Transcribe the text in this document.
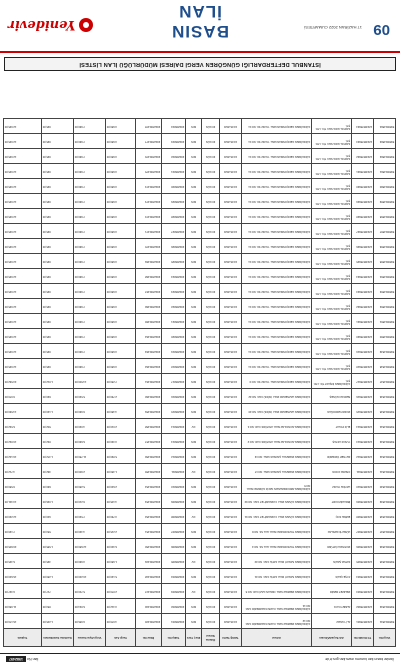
İlanlar basın ilan kurumu www.ilan.gov.tr'de
İlan No 1582457
Vergi No	TC Kimlik No	Adı Soyadı/Ünvanı	Adresi	Tebliğ Tarihi	Ödeme Süresi	Borç Türü	Takip No	İhbar No	Vergi Aslı	Vergi Ziyaı Cezası	Gecikme Faizi/Zammı	Toplam
5080012531	12345678901	ALİ YILMAZ	GÜNGÖREN MERKEZ MAH. KAZIM KARABEKİR CAD. NO:12	16.06.2022	30 GÜN	KDV	202206001	2022/001245	4.978,00	9.956,00	1.245,00	16.179,00
5080012532	12345678902	AHMET KAYA	GÜNGÖREN MERKEZ MAH. KAZIM KARABEKİR CAD. NO:14	16.06.2022	30 GÜN	KDV	202206002	2022/001246	3.412,00	6.824,00	853,00	11.089,00
5080012533	12345678903	MEHMET DEMİR	GÜNGÖREN MERKEZ MAH. ORHAN GAZİ CAD. NO:8	16.06.2022	30 GÜN	GV	202206003	2022/001247	2.870,00	5.740,00	717,00	9.327,00
5080012534	12345678904	AYŞE ÇELİK	GÜNGÖREN SANAYİ MAH. FATİH CAD. NO:21	16.06.2022	30 GÜN	KDV	202206004	2022/001248	5.120,00	10.240,00	1.280,00	16.640,00
5080012535	12345678905	FATMA ŞAHİN	GÜNGÖREN SANAYİ MAH. FATİH CAD. NO:23	16.06.2022	30 GÜN	GV	202206005	2022/001249	1.980,00	3.960,00	495,00	6.435,00
5080012536	12345678906	MUSTAFA ÖZTÜRK	GÜNGÖREN TOZKOPARAN MAH. HAL SK. NO:4	16.06.2022	30 GÜN	KDV	202206006	2022/001250	6.340,00	12.680,00	1.585,00	20.605,00
5080012537	12345678907	HÜSEYİN ARSLAN	GÜNGÖREN TOZKOPARAN MAH. HAL SK. NO:6	16.06.2022	30 GÜN	KDV	202206007	2022/001251	2.215,00	4.430,00	553,00	7.198,00
5080012538	12345678908	EMİNE KOÇ	GÜNGÖREN GÜVEN MAH. CUMHURİYET CAD. NO:31	16.06.2022	30 GÜN	GV	202206008	2022/001252	3.760,00	7.520,00	940,00	12.220,00
5080012539	12345678909	İBRAHİM KURT	GÜNGÖREN GÜVEN MAH. CUMHURİYET CAD. NO:33	16.06.2022	30 GÜN	KDV	202206009	2022/001253	4.105,00	8.210,00	1.026,00	13.341,00
5080012540	12345678910	HATİCE YILDIZ	GÜNGÖREN ABDURRAHMAN NAFİZ GÜRMAN MAH. NO:5	16.06.2022	30 GÜN	KDV	202206010	2022/001254	2.640,00	5.280,00	660,00	8.580,00
5080012541	12345678911	OSMAN AYDIN	GÜNGÖREN MARESAL ÇAKMAK MAH. NO:17	16.06.2022	30 GÜN	GV	202206011	2022/001255	1.450,00	2.900,00	362,00	4.712,00
5080012542	12345678912	ZEYNEP ÖZDEMİR	GÜNGÖREN MARESAL ÇAKMAK MAH. NO:19	16.06.2022	30 GÜN	KDV	202206012	2022/001256	5.890,00	11.780,00	1.472,00	19.142,00
5080012543	12345678913	YUSUF AKTAŞ	GÜNGÖREN AKINCILAR MAH. ATATÜRK CAD. NO:2	16.06.2022	30 GÜN	KDV	202206013	2022/001257	3.330,00	6.660,00	832,00	10.822,00
5080012544	12345678914	ELİF POLAT	GÜNGÖREN AKINCILAR MAH. ATATÜRK CAD. NO:4	16.06.2022	30 GÜN	GV	202206014	2022/001258	2.010,00	4.020,00	502,00	6.532,00
5080012545	12345678915	MURAT ERDOĞAN	GÜNGÖREN HAZNEDAR MAH. İNÖNÜ CAD. NO:40	16.06.2022	30 GÜN	KDV	202206015	2022/001259	4.480,00	8.960,00	1.120,00	14.560,00
5080012546	12345678916	SERKAN GÜNEŞ	GÜNGÖREN HAZNEDAR MAH. İNÖNÜ CAD. NO:42	16.06.2022	30 GÜN	KDV	202206016	2022/001260	2.760,00	5.520,00	690,00	8.970,00
5080012547	12345678917	GÜNGÖREN İNŞAAT TİC. LTD. ŞTİ.	GÜNGÖREN GENÇOSMAN MAH. YILDIZ SK. NO:9	16.06.2022	30 GÜN	KDV	202206017	2022/001261	7.250,00	14.500,00	1.812,00	23.562,00
5080012548	12345678918	KARTAL GIDA SAN. TİC. LTD. ŞTİ.	GÜNGÖREN GENÇOSMAN MAH. YILDIZ SK. NO:11	16.06.2022	30 GÜN	KDV	202206018	2022/001262	3.980,00	7.960,00	995,00	12.935,00
5080012549	12345678919	KARTAL GIDA SAN. TİC. LTD. ŞTİ.	GÜNGÖREN GENÇOSMAN MAH. YILDIZ SK. NO:11	16.06.2022	30 GÜN	KDV	202206019	2022/001263	3.980,00	7.960,00	995,00	12.935,00
5080012550	12345678920	KARTAL GIDA SAN. TİC. LTD. ŞTİ.	GÜNGÖREN GENÇOSMAN MAH. YILDIZ SK. NO:11	16.06.2022	30 GÜN	KDV	202206020	2022/001264	3.980,00	7.960,00	995,00	12.935,00
5080012551	12345678921	KARTAL GIDA SAN. TİC. LTD. ŞTİ.	GÜNGÖREN GENÇOSMAN MAH. YILDIZ SK. NO:11	16.06.2022	30 GÜN	KDV	202206021	2022/001265	3.980,00	7.960,00	995,00	12.935,00
5080012552	12345678922	KARTAL GIDA SAN. TİC. LTD. ŞTİ.	GÜNGÖREN GENÇOSMAN MAH. YILDIZ SK. NO:11	16.06.2022	30 GÜN	KDV	202206022	2022/001266	3.980,00	7.960,00	995,00	12.935,00
5080012553	12345678923	KARTAL GIDA SAN. TİC. LTD. ŞTİ.	GÜNGÖREN GENÇOSMAN MAH. YILDIZ SK. NO:11	16.06.2022	30 GÜN	KDV	202206023	2022/001267	3.980,00	7.960,00	995,00	12.935,00
5080012554	12345678924	KARTAL GIDA SAN. TİC. LTD. ŞTİ.	GÜNGÖREN GENÇOSMAN MAH. YILDIZ SK. NO:11	16.06.2022	30 GÜN	KDV	202206024	2022/001268	3.980,00	7.960,00	995,00	12.935,00
5080012555	12345678925	KARTAL GIDA SAN. TİC. LTD. ŞTİ.	GÜNGÖREN GENÇOSMAN MAH. YILDIZ SK. NO:11	16.06.2022	30 GÜN	KDV	202206025	2022/001269	3.980,00	7.960,00	995,00	12.935,00
5080012556	12345678926	KARTAL GIDA SAN. TİC. LTD. ŞTİ.	GÜNGÖREN GENÇOSMAN MAH. YILDIZ SK. NO:11	16.06.2022	30 GÜN	KDV	202206026	2022/001270	3.980,00	7.960,00	995,00	12.935,00
5080012557	12345678927	KARTAL GIDA SAN. TİC. LTD. ŞTİ.	GÜNGÖREN GENÇOSMAN MAH. YILDIZ SK. NO:11	16.06.2022	30 GÜN	KDV	202206027	2022/001271	3.980,00	7.960,00	995,00	12.935,00
5080012558	12345678928	KARTAL GIDA SAN. TİC. LTD. ŞTİ.	GÜNGÖREN GENÇOSMAN MAH. YILDIZ SK. NO:11	16.06.2022	30 GÜN	KDV	202206028	2022/001272	3.980,00	7.960,00	995,00	12.935,00
5080012559	12345678929	KARTAL GIDA SAN. TİC. LTD. ŞTİ.	GÜNGÖREN GENÇOSMAN MAH. YILDIZ SK. NO:11	16.06.2022	30 GÜN	KDV	202206029	2022/001273	3.980,00	7.960,00	995,00	12.935,00
5080012560	12345678930	KARTAL GIDA SAN. TİC. LTD. ŞTİ.	GÜNGÖREN GENÇOSMAN MAH. YILDIZ SK. NO:11	16.06.2022	30 GÜN	KDV	202206030	2022/001274	3.980,00	7.960,00	995,00	12.935,00
5080012561	12345678931	KARTAL GIDA SAN. TİC. LTD. ŞTİ.	GÜNGÖREN GENÇOSMAN MAH. YILDIZ SK. NO:11	16.06.2022	30 GÜN	KDV	202206031	2022/001275	3.980,00	7.960,00	995,00	12.935,00
5080012562	12345678932	KARTAL GIDA SAN. TİC. LTD. ŞTİ.	GÜNGÖREN GENÇOSMAN MAH. YILDIZ SK. NO:11	16.06.2022	30 GÜN	KDV	202206032	2022/001276	3.980,00	7.960,00	995,00	12.935,00
5080012563	12345678933	KARTAL GIDA SAN. TİC. LTD. ŞTİ.	GÜNGÖREN GENÇOSMAN MAH. YILDIZ SK. NO:11	16.06.2022	30 GÜN	KDV	202206033	2022/001277	3.980,00	7.960,00	995,00	12.935,00
5080012564	12345678934	KARTAL GIDA SAN. TİC. LTD. ŞTİ.	GÜNGÖREN GENÇOSMAN MAH. YILDIZ SK. NO:11	16.06.2022	30 GÜN	KDV	202206034	2022/001278	3.980,00	7.960,00	995,00	12.935,00
İSTANBUL DEFTERDARLIĞI GÜNGÖREN VERGİ DAİRESİ MÜDÜRLÜĞÜ İLAN LİSTESİ
09
17 HAZİRAN 2022 CUMARTESİ
BASIN İLAN
Yenidevir
